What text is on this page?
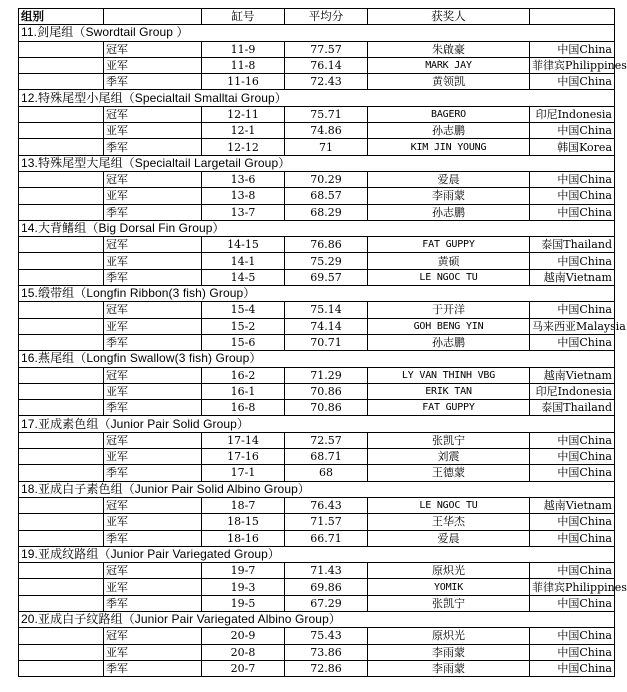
组别		缸号	平均分	获奖人	
11.剑尾组（Swordtail Group ）					
	冠军	11-9	77.57	朱啟豪	中国China
	亚军	11-8	76.14	MARK JAY	菲律宾Philippines
	季军	11-16	72.43	黄领凯	中国China
12.特殊尾型小尾组（Specialtail Smalltai Group）					
	冠军	12-11	75.71	BAGERO	印尼Indonesia
	亚军	12-1	74.86	孙志鹏	中国China
	季军	12-12	71	KIM JIN YOUNG	韩国Korea
13.特殊尾型大尾组（Specialtail Largetail Group）					
	冠军	13-6	70.29	爱晨	中国China
	亚军	13-8	68.57	李雨蒙	中国China
	季军	13-7	68.29	孙志鹏	中国China
14.大背鳍组（Big Dorsal Fin Group）					
	冠军	14-15	76.86	FAT GUPPY	泰国Thailand
	亚军	14-1	75.29	黄硕	中国China
	季军	14-5	69.57	LE NGOC TU	越南Vietnam
15.缎带组（Longfin Ribbon(3 fish) Group）					
	冠军	15-4	75.14	于开洋	中国China
	亚军	15-2	74.14	GOH BENG YIN	马来西亚Malaysia
	季军	15-6	70.71	孙志鹏	中国China
16.燕尾组（Longfin Swallow(3 fish) Group）					
	冠军	16-2	71.29	LY VAN THINH VBG	越南Vietnam
	亚军	16-1	70.86	ERIK TAN	印尼Indonesia
	季军	16-8	70.86	FAT GUPPY	泰国Thailand
17.亚成素色组（Junior Pair Solid Group）					
	冠军	17-14	72.57	张凯宁	中国China
	亚军	17-16	68.71	刘震	中国China
	季军	17-1	68	王德蒙	中国China
18.亚成白子素色组（Junior Pair Solid Albino Group）					
	冠军	18-7	76.43	LE NGOC TU	越南Vietnam
	亚军	18-15	71.57	王华杰	中国China
	季军	18-16	66.71	爱晨	中国China
19.亚成纹路组（Junior Pair Variegated Group）					
	冠军	19-7	71.43	原炽光	中国China
	亚军	19-3	69.86	YOMIK	菲律宾Philippines
	季军	19-5	67.29	张凯宁	中国China
20.亚成白子纹路组（Junior Pair Variegated Albino Group）					
	冠军	20-9	75.43	原炽光	中国China
	亚军	20-8	73.86	李雨蒙	中国China
	季军	20-7	72.86	李雨蒙	中国China
